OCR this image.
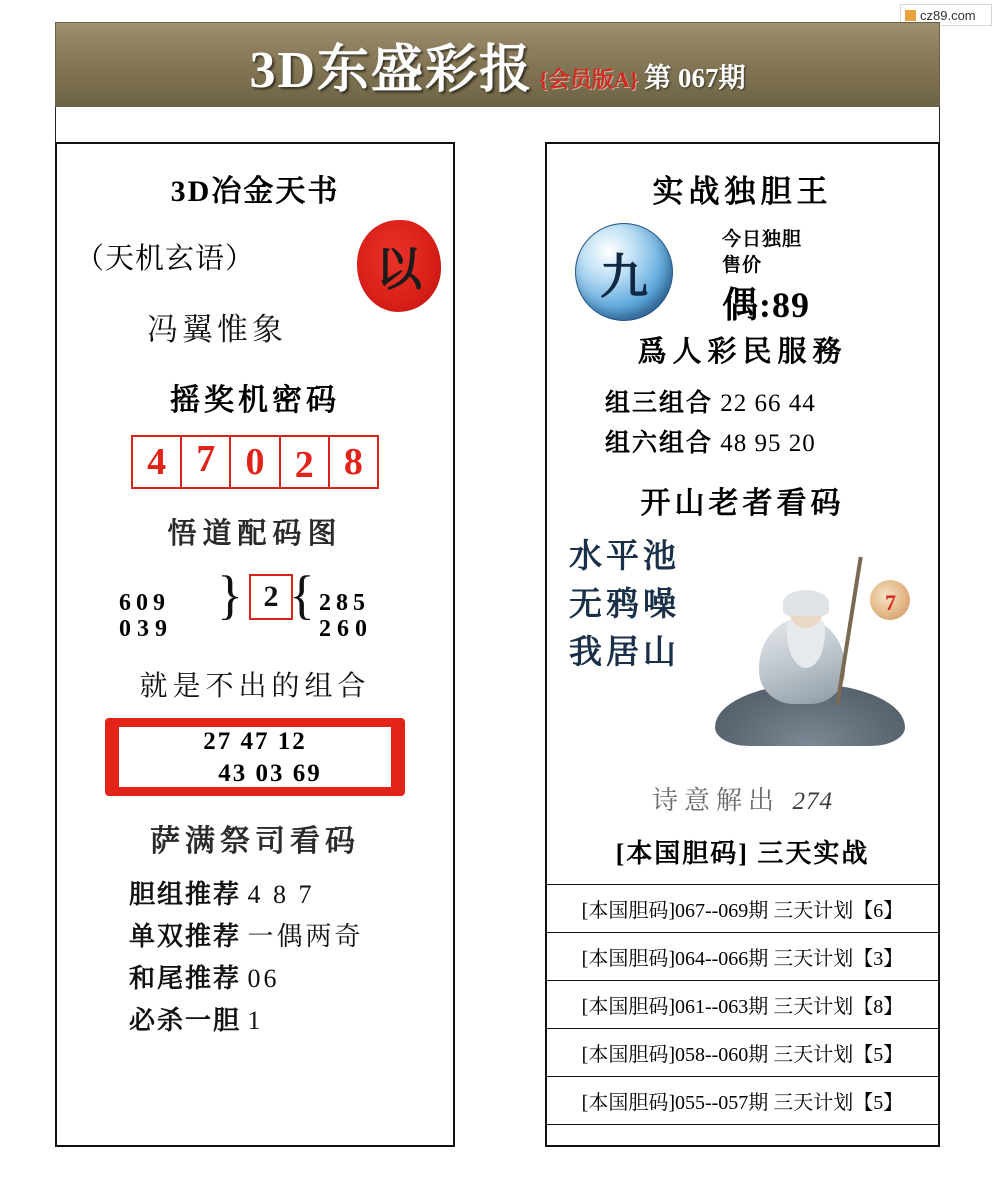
cz89.com
3D东盛彩报 {会员版A} 第 067期
3D冶金天书
（天机玄语）	以
冯翼惟象
摇奖机密码
4 7 0 2 8
悟道配码图
609
039
} 2 } 285
260
就是不出的组合
27 47 12
43 03 69
萨满祭司看码
胆组推荐 4 8 7
单双推荐 一偶两奇
和尾推荐 06
必杀一胆 1
实战独胆王
九
今日独胆
售价
偶:89
爲人彩民服務
组三组合 22 66 44
组六组合 48 95 20
开山老者看码
水平池
无鸦噪
我居山
7
诗意解出 274
[本国胆码] 三天实战
[本国胆码]067--069期 三天计划【6】
[本国胆码]064--066期 三天计划【3】
[本国胆码]061--063期 三天计划【8】
[本国胆码]058--060期 三天计划【5】
[本国胆码]055--057期 三天计划【5】
